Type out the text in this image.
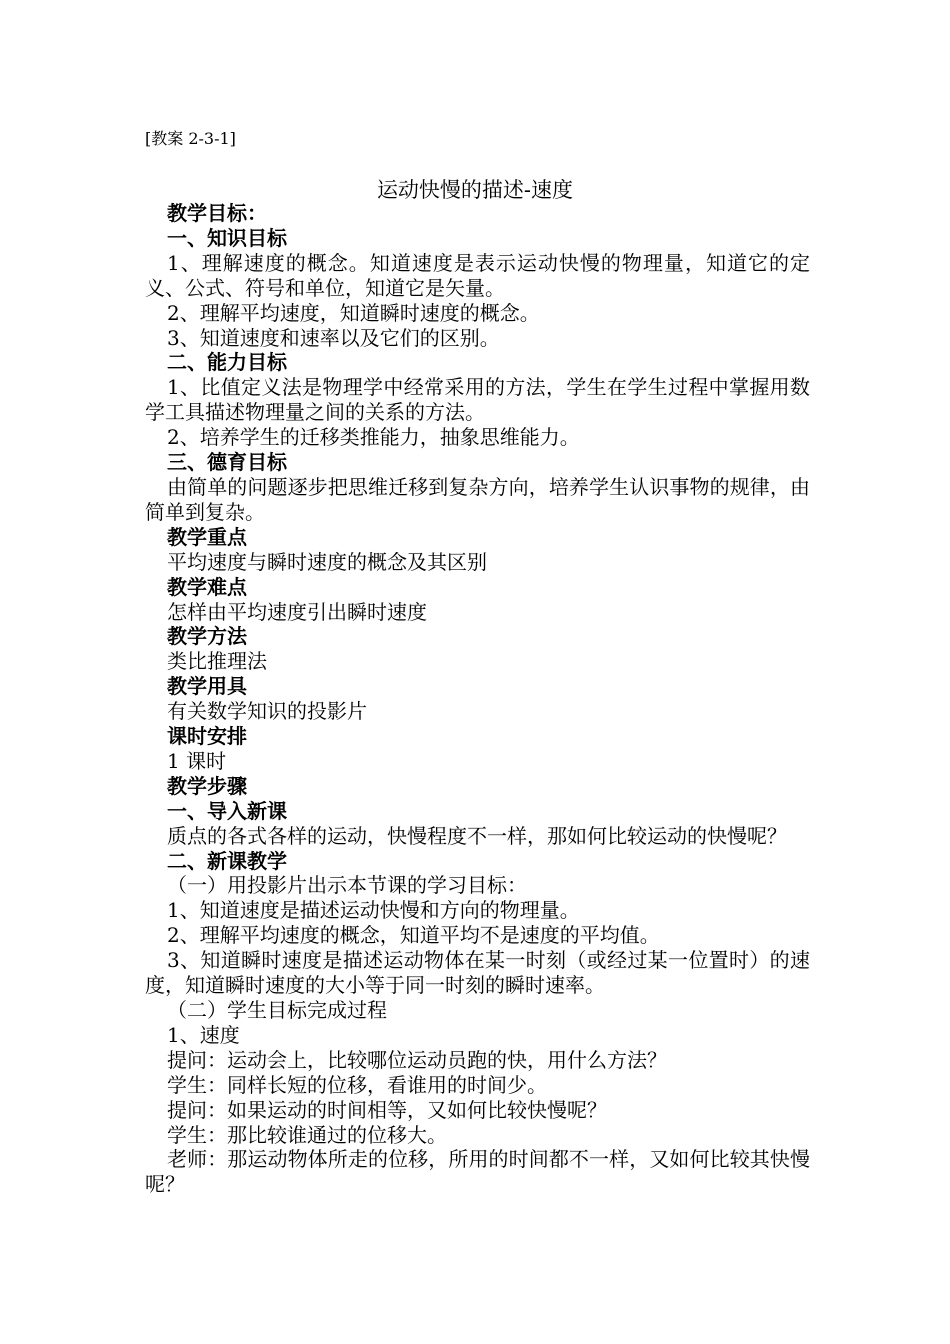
[教案 2-3-1]
运动快慢的描述-速度

教学目标：

一、知识目标

1、理解速度的概念。知道速度是表示运动快慢的物理量，知道它的定义、公式、符号和单位，知道它是矢量。

2、理解平均速度，知道瞬时速度的概念。

3、知道速度和速率以及它们的区别。

二、能力目标

1、比值定义法是物理学中经常采用的方法，学生在学生过程中掌握用数学工具描述物理量之间的关系的方法。

2、培养学生的迁移类推能力，抽象思维能力。

三、德育目标

由简单的问题逐步把思维迁移到复杂方向，培养学生认识事物的规律，由简单到复杂。

教学重点

平均速度与瞬时速度的概念及其区别

教学难点

怎样由平均速度引出瞬时速度

教学方法

类比推理法

教学用具

有关数学知识的投影片

课时安排

1 课时

教学步骤

一、导入新课

质点的各式各样的运动，快慢程度不一样，那如何比较运动的快慢呢？

二、新课教学

（一）用投影片出示本节课的学习目标：

1、知道速度是描述运动快慢和方向的物理量。

2、理解平均速度的概念，知道平均不是速度的平均值。

3、知道瞬时速度是描述运动物体在某一时刻（或经过某一位置时）的速度，知道瞬时速度的大小等于同一时刻的瞬时速率。

（二）学生目标完成过程

1、速度

提问：运动会上，比较哪位运动员跑的快，用什么方法？

学生：同样长短的位移，看谁用的时间少。

提问：如果运动的时间相等，又如何比较快慢呢？

学生：那比较谁通过的位移大。

老师：那运动物体所走的位移，所用的时间都不一样，又如何比较其快慢呢？
